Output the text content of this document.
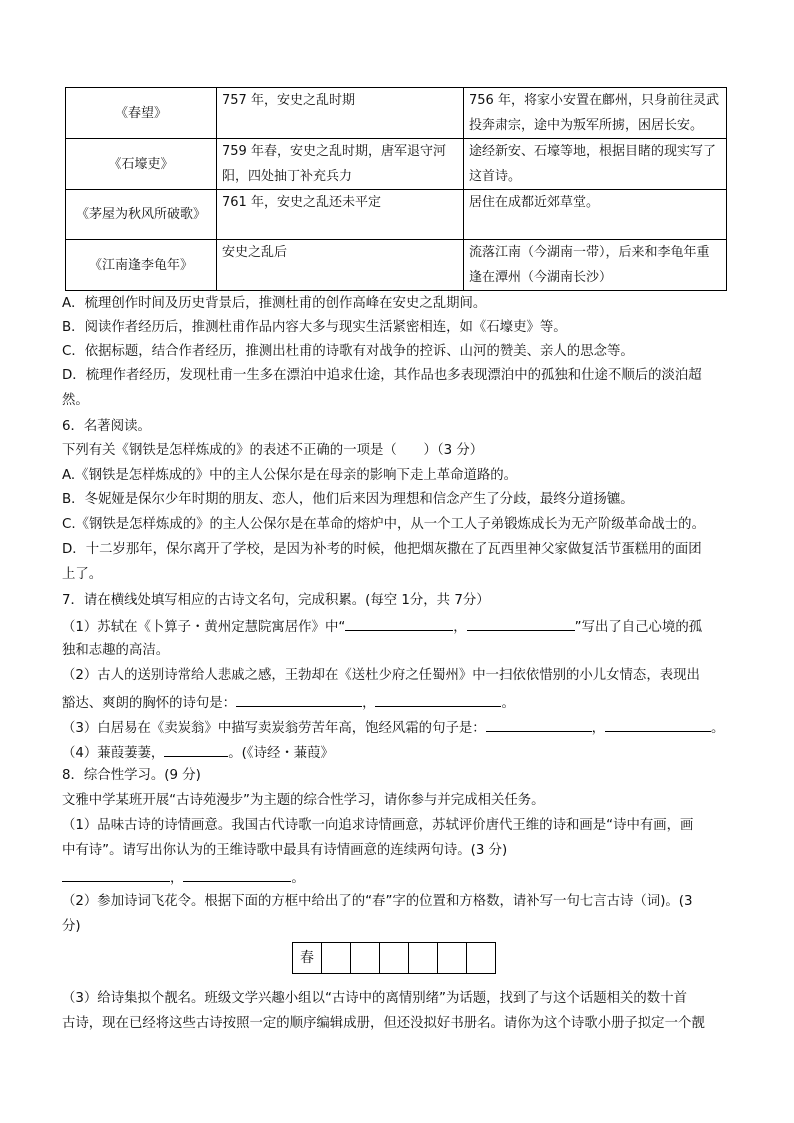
《春望》	757 年，安史之乱时期	756 年，将家小安置在鄜州，只身前往灵武投奔肃宗，途中为叛军所掳，困居长安。
《石壕吏》	759 年春，安史之乱时期，唐军退守河阳，四处抽丁补充兵力	途经新安、石壕等地，根据目睹的现实写了这首诗。
《茅屋为秋风所破歌》	761 年，安史之乱还未平定	居住在成都近郊草堂。
《江南逢李龟年》	安史之乱后	流落江南（今湖南一带），后来和李龟年重逢在潭州（今湖南长沙）
A．梳理创作时间及历史背景后，推测杜甫的创作高峰在安史之乱期间。
B．阅读作者经历后，推测杜甫作品内容大多与现实生活紧密相连，如《石壕吏》等。
C．依据标题，结合作者经历，推测出杜甫的诗歌有对战争的控诉、山河的赞美、亲人的思念等。
D．梳理作者经历，发现杜甫一生多在漂泊中追求仕途，其作品也多表现漂泊中的孤独和仕途不顺后的淡泊超
然。
6．名著阅读。
下列有关《钢铁是怎样炼成的》的表述不正确的一项是（　　）（3 分）
A.《钢铁是怎样炼成的》中的主人公保尔是在母亲的影响下走上革命道路的。
B．冬妮娅是保尔少年时期的朋友、恋人，他们后来因为理想和信念产生了分歧，最终分道扬镳。
C.《钢铁是怎样炼成的》的主人公保尔是在革命的熔炉中，从一个工人子弟锻炼成长为无产阶级革命战士的。
D．十二岁那年，保尔离开了学校，是因为补考的时候，他把烟灰撒在了瓦西里神父家做复活节蛋糕用的面团
上了。
7．请在横线处填写相应的古诗文名句，完成积累。(每空 1分，共 7分）
（1）苏轼在《卜算子・黄州定慧院寓居作》中“	，	”写出了自己心境的孤
独和志趣的高洁。
（2）古人的送别诗常给人悲戚之感，王勃却在《送杜少府之任蜀州》中一扫依依惜别的小儿女情态，表现出
豁达、爽朗的胸怀的诗句是：	，	。
（3）白居易在《卖炭翁》中描写卖炭翁劳苦年高，饱经风霜的句子是：	，	。
（4）蒹葭萋萋，	。(《诗经・蒹葭》
8．综合性学习。(9 分)
文雅中学某班开展“古诗苑漫步”为主题的综合性学习，请你参与并完成相关任务。
（1）品味古诗的诗情画意。我国古代诗歌一向追求诗情画意，苏轼评价唐代王维的诗和画是“诗中有画，画
中有诗”。请写出你认为的王维诗歌中最具有诗情画意的连续两句诗。(3 分)
，	。
（2）参加诗词飞花令。根据下面的方框中给出了的“春”字的位置和方格数，请补写一句七言古诗（词)。(3
分)
春
（3）给诗集拟个靓名。班级文学兴趣小组以“古诗中的离情别绪”为话题，找到了与这个话题相关的数十首
古诗，现在已经将这些古诗按照一定的顺序编辑成册，但还没拟好书册名。请你为这个诗歌小册子拟定一个靓
